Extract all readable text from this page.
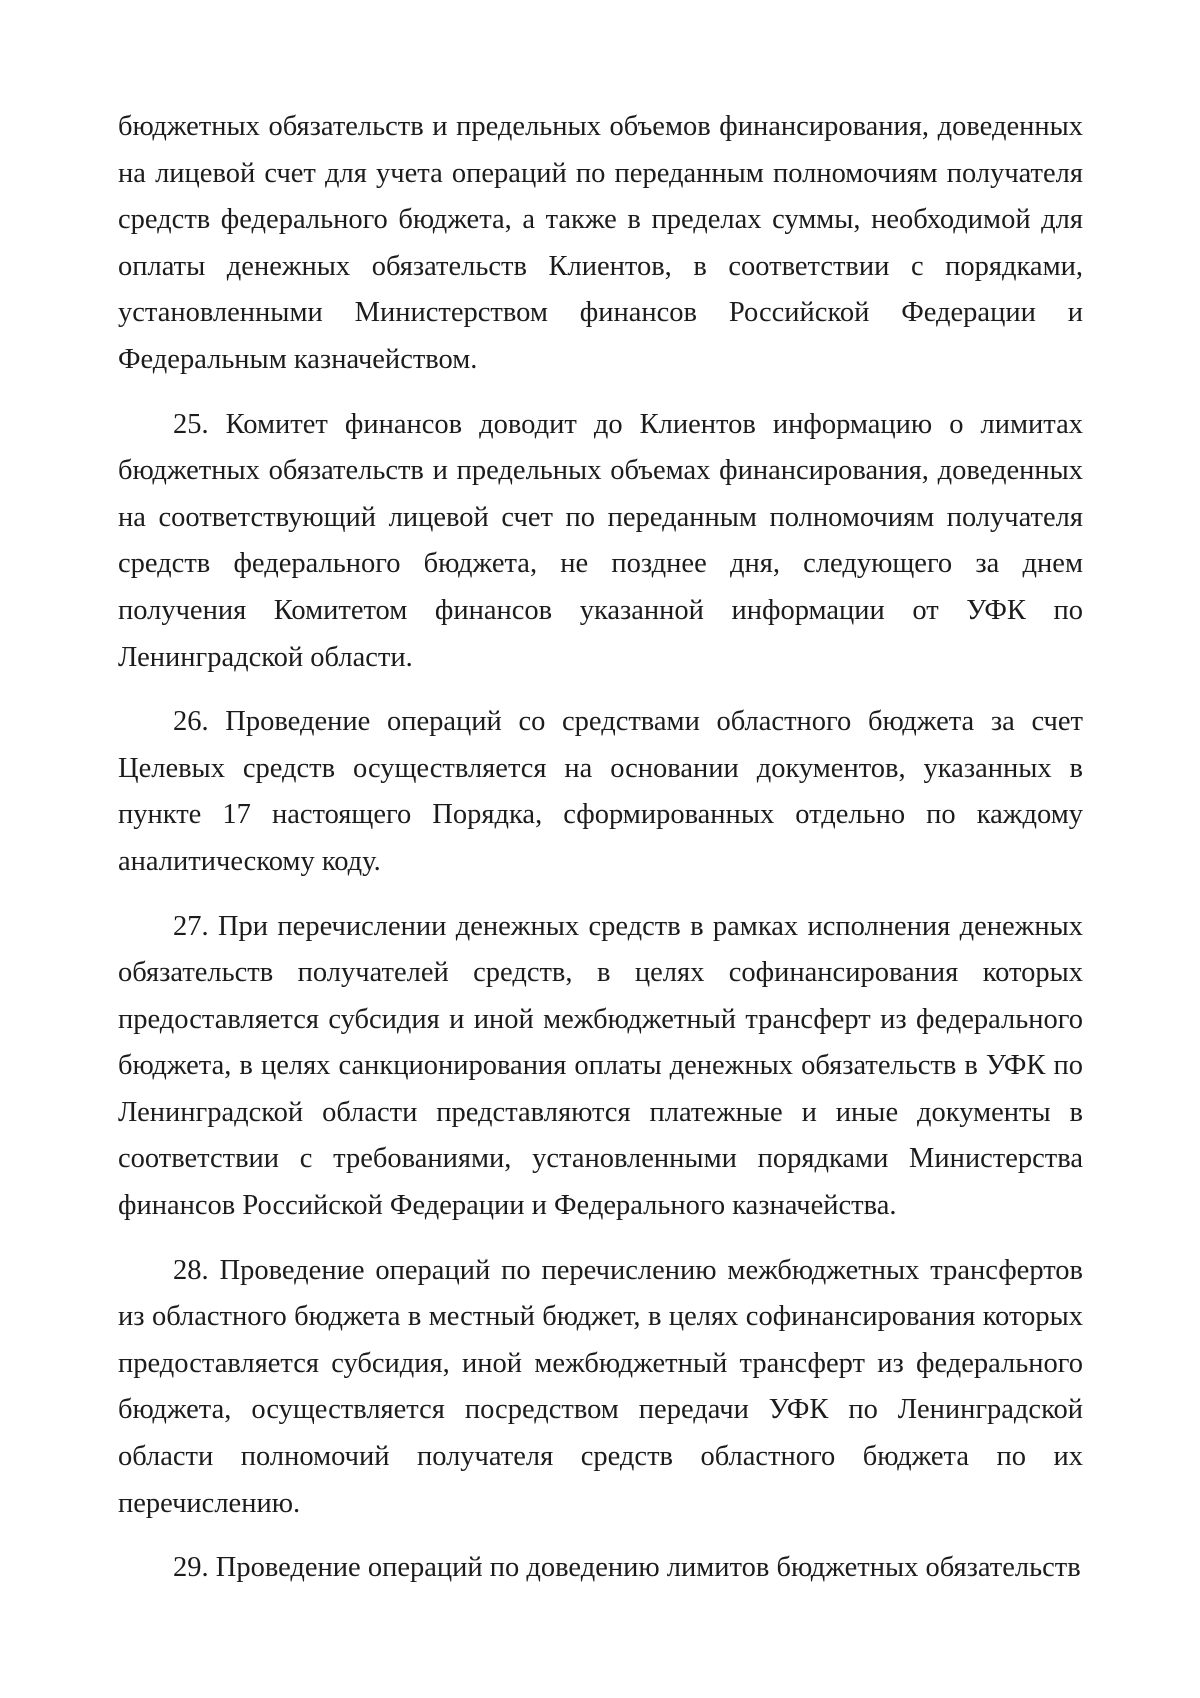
бюджетных обязательств и предельных объемов финансирования, доведенных на лицевой счет для учета операций по переданным полномочиям получателя средств федерального бюджета, а также в пределах суммы, необходимой для оплаты денежных обязательств Клиентов, в соответствии с порядками, установленными Министерством финансов Российской Федерации и Федеральным казначейством.

25. Комитет финансов доводит до Клиентов информацию о лимитах бюджетных обязательств и предельных объемах финансирования, доведенных на соответствующий лицевой счет по переданным полномочиям получателя средств федерального бюджета, не позднее дня, следующего за днем получения Комитетом финансов указанной информации от УФК по Ленинградской области.

26. Проведение операций со средствами областного бюджета за счет Целевых средств осуществляется на основании документов, указанных в пункте 17 настоящего Порядка, сформированных отдельно по каждому аналитическому коду.

27. При перечислении денежных средств в рамках исполнения денежных обязательств получателей средств, в целях софинансирования которых предоставляется субсидия и иной межбюджетный трансферт из федерального бюджета, в целях санкционирования оплаты денежных обязательств в УФК по Ленинградской области представляются платежные и иные документы в соответствии с требованиями, установленными порядками Министерства финансов Российской Федерации и Федерального казначейства.

28. Проведение операций по перечислению межбюджетных трансфертов из областного бюджета в местный бюджет, в целях софинансирования которых предоставляется субсидия, иной межбюджетный трансферт из федерального бюджета, осуществляется посредством передачи УФК по Ленинградской области полномочий получателя средств областного бюджета по их перечислению.

29. Проведение операций по доведению лимитов бюджетных обязательств
